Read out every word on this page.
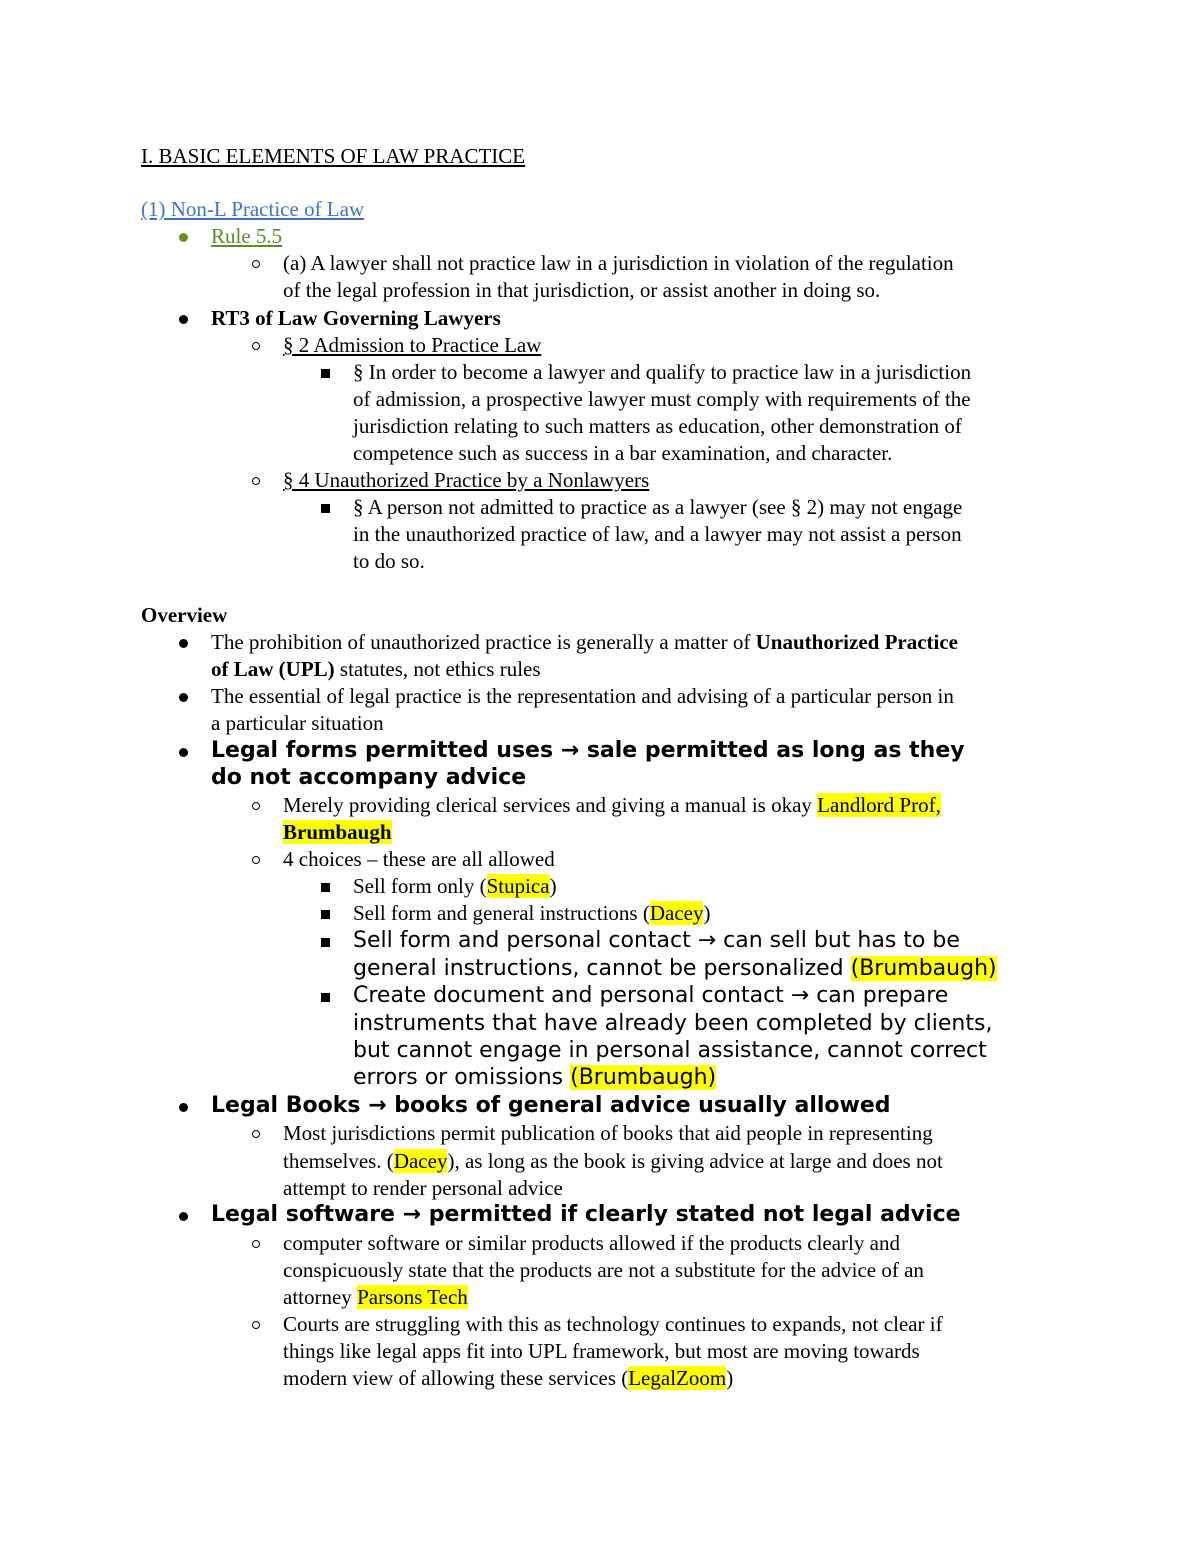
I. BASIC ELEMENTS OF LAW PRACTICE
(1) Non-L Practice of Law
Rule 5.5
(a) A lawyer shall not practice law in a jurisdiction in violation of the regulation
of the legal profession in that jurisdiction, or assist another in doing so.
RT3 of Law Governing Lawyers
§ 2 Admission to Practice Law
§ In order to become a lawyer and qualify to practice law in a jurisdiction
of admission, a prospective lawyer must comply with requirements of the
jurisdiction relating to such matters as education, other demonstration of
competence such as success in a bar examination, and character.
§ 4 Unauthorized Practice by a Nonlawyers
§ A person not admitted to practice as a lawyer (see § 2) may not engage
in the unauthorized practice of law, and a lawyer may not assist a person
to do so.
Overview
The prohibition of unauthorized practice is generally a matter of Unauthorized Practice
of Law (UPL) statutes, not ethics rules
The essential of legal practice is the representation and advising of a particular person in
a particular situation
Legal forms permitted uses → sale permitted as long as they
do not accompany advice
Merely providing clerical services and giving a manual is okay Landlord Prof,
Brumbaugh
4 choices – these are all allowed
Sell form only (Stupica)
Sell form and general instructions (Dacey)
Sell form and personal contact → can sell but has to be
general instructions, cannot be personalized (Brumbaugh)
Create document and personal contact → can prepare
instruments that have already been completed by clients,
but cannot engage in personal assistance, cannot correct
errors or omissions (Brumbaugh)
Legal Books → books of general advice usually allowed
Most jurisdictions permit publication of books that aid people in representing
themselves. (Dacey), as long as the book is giving advice at large and does not
attempt to render personal advice
Legal software → permitted if clearly stated not legal advice
computer software or similar products allowed if the products clearly and
conspicuously state that the products are not a substitute for the advice of an
attorney Parsons Tech
Courts are struggling with this as technology continues to expands, not clear if
things like legal apps fit into UPL framework, but most are moving towards
modern view of allowing these services (LegalZoom)
